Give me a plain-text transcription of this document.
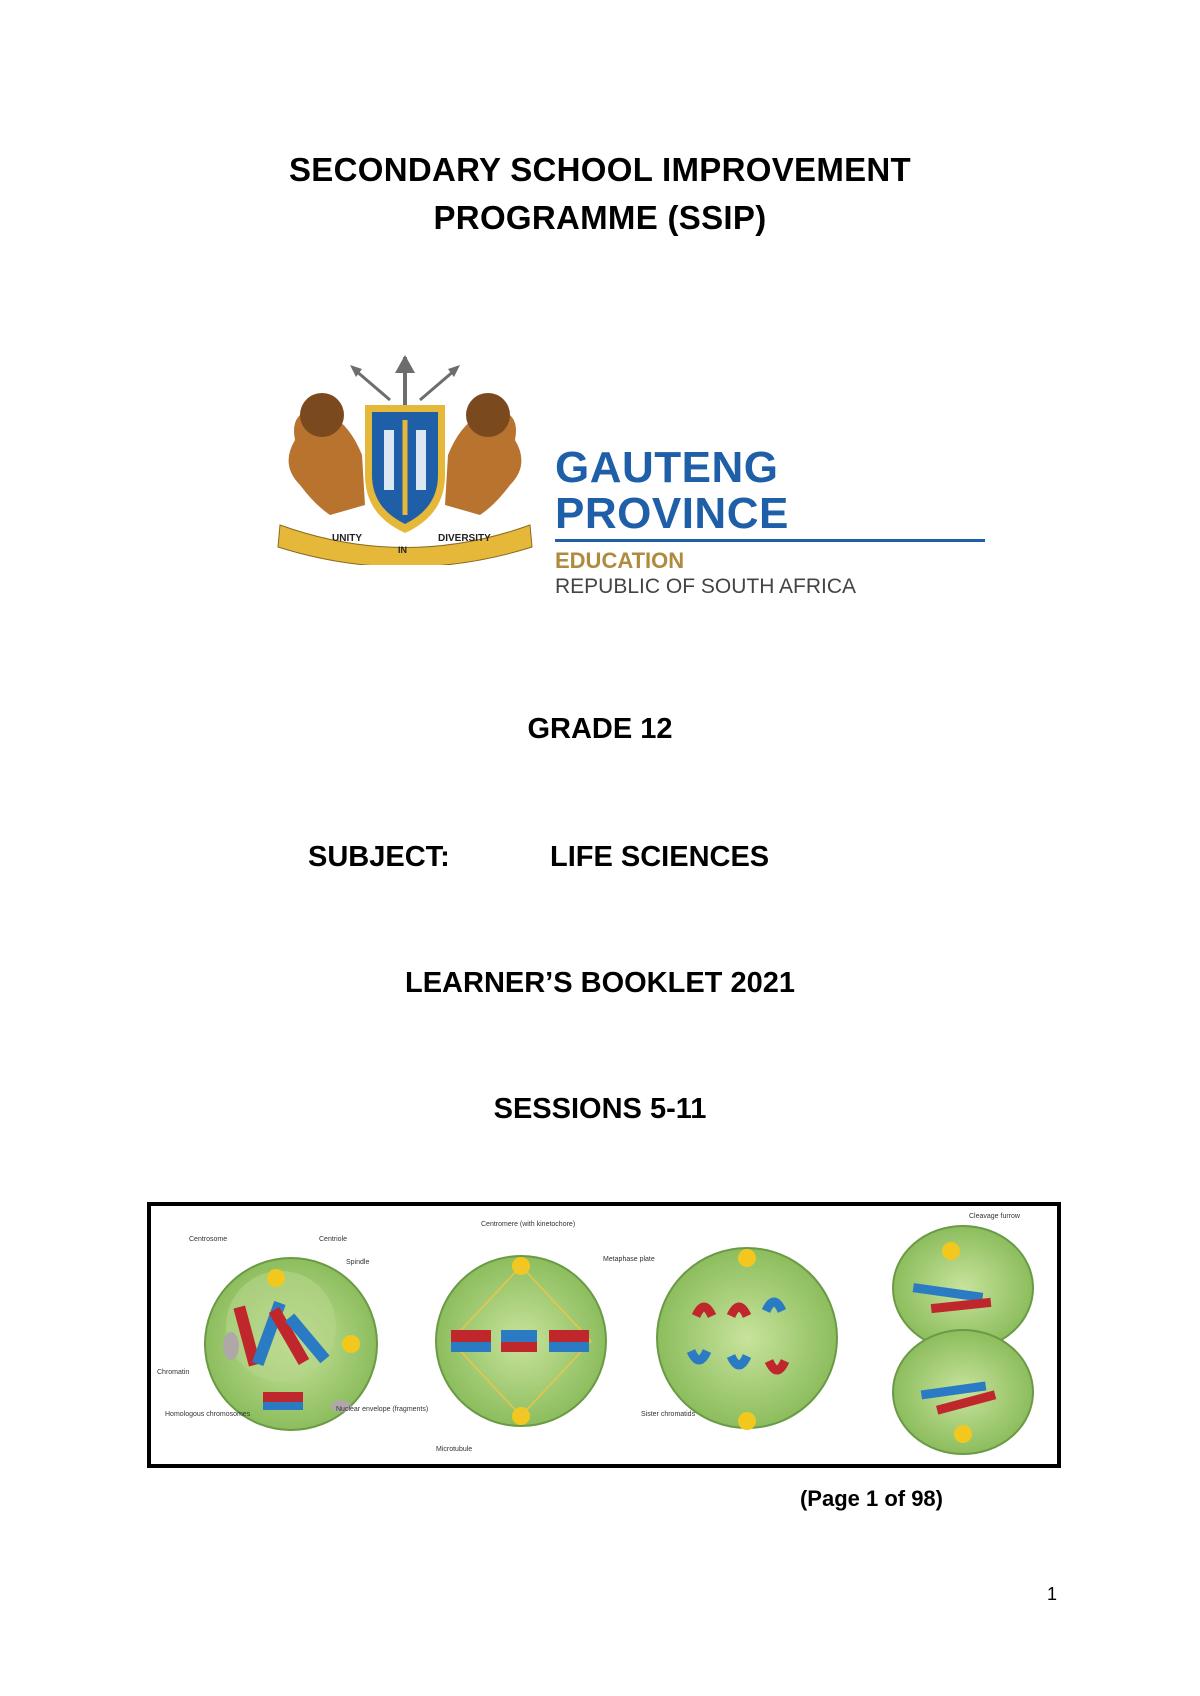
SECONDARY SCHOOL IMPROVEMENT
PROGRAMME (SSIP)
UNITY
IN
DIVERSITY
GAUTENG PROVINCE
EDUCATION
REPUBLIC OF SOUTH AFRICA
GRADE 12
SUBJECT:	LIFE SCIENCES
LEARNER’S BOOKLET 2021
SESSIONS 5-11
Centrosome	Centriole
Spindle
Chromatin
Homologous chromosomes
Nuclear envelope (fragments)
Centromere (with kinetochore)
Metaphase plate
Microtubule
Sister chromatids
Cleavage furrow
(Page 1 of 98)
1
